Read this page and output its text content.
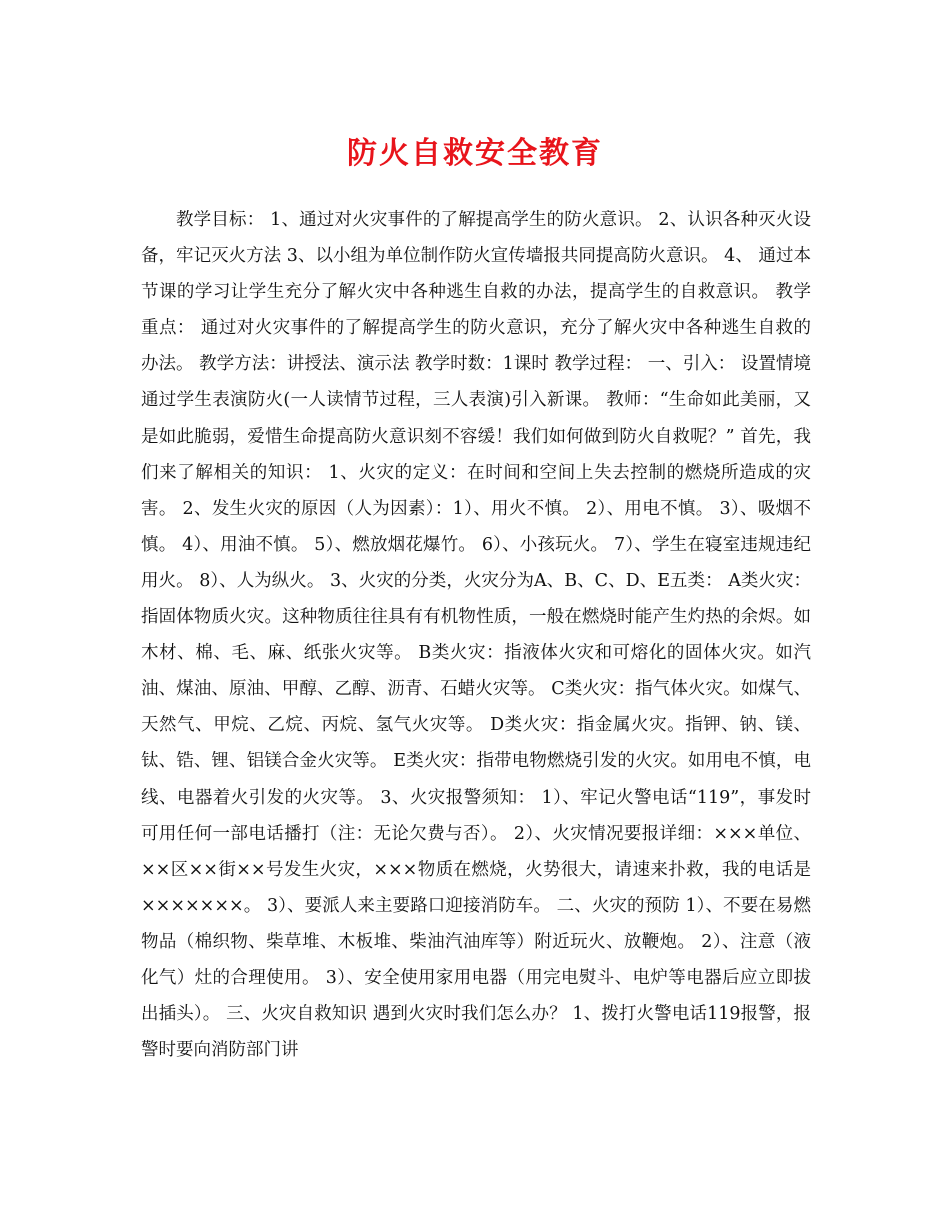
防火自救安全教育

教学目标： 1、通过对火灾事件的了解提高学生的防火意识。 2、认识各种灭火设备，牢记灭火方法 3、以小组为单位制作防火宣传墙报共同提高防火意识。 4、 通过本节课的学习让学生充分了解火灾中各种逃生自救的办法，提高学生的自救意识。 教学重点： 通过对火灾事件的了解提高学生的防火意识，充分了解火灾中各种逃生自救的办法。 教学方法：讲授法、演示法 教学时数：1课时 教学过程： 一、引入： 设置情境通过学生表演防火(一人读情节过程，三人表演)引入新课。 教师：“生命如此美丽，又是如此脆弱，爱惜生命提高防火意识刻不容缓！我们如何做到防火自救呢？” 首先，我们来了解相关的知识： 1、火灾的定义：在时间和空间上失去控制的燃烧所造成的灾害。 2、发生火灾的原因（人为因素）：1）、用火不慎。 2）、用电不慎。 3）、吸烟不慎。 4）、用油不慎。 5）、燃放烟花爆竹。 6）、小孩玩火。 7）、学生在寝室违规违纪用火。 8）、人为纵火。 3、火灾的分类，火灾分为A、B、C、D、E五类： A类火灾：指固体物质火灾。这种物质往往具有有机物性质，一般在燃烧时能产生灼热的余烬。如木材、棉、毛、麻、纸张火灾等。 B类火灾：指液体火灾和可熔化的固体火灾。如汽油、煤油、原油、甲醇、乙醇、沥青、石蜡火灾等。 C类火灾：指气体火灾。如煤气、天然气、甲烷、乙烷、丙烷、氢气火灾等。 D类火灾：指金属火灾。指钾、钠、镁、钛、锆、锂、铝镁合金火灾等。 E类火灾：指带电物燃烧引发的火灾。如用电不慎，电线、电器着火引发的火灾等。 3、火灾报警须知： 1）、牢记火警电话“119”，事发时可用任何一部电话播打（注：无论欠费与否）。 2）、火灾情况要报详细：×××单位、××区××街××号发生火灾，×××物质在燃烧，火势很大，请速来扑救，我的电话是×××××××。 3）、要派人来主要路口迎接消防车。 二、火灾的预防 1）、不要在易燃物品（棉织物、柴草堆、木板堆、柴油汽油库等）附近玩火、放鞭炮。 2）、注意（液化气）灶的合理使用。 3）、安全使用家用电器（用完电熨斗、电炉等电器后应立即拔出插头）。 三、火灾自救知识 遇到火灾时我们怎么办？ 1、拨打火警电话119报警，报警时要向消防部门讲
